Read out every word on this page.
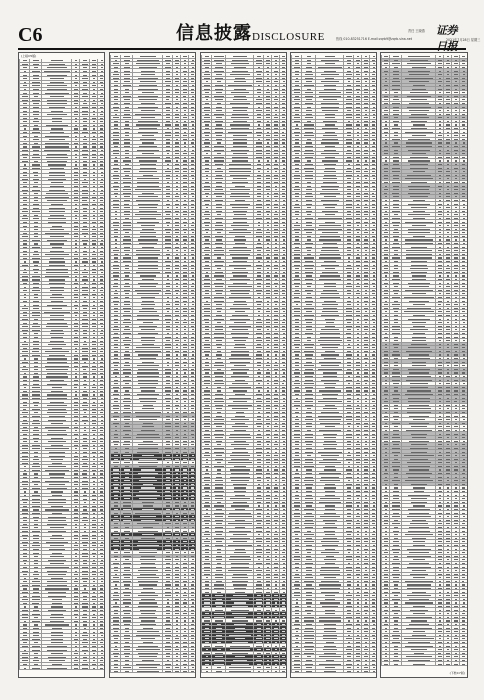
C6	信息披露 DISCLOSURE	热线 010-83251716 E-mail:zqrb9@zqrb.sina.net
责任 王晓燕 证券日报
2021年7月28日 星期三
(上接C5版)
(下转C7版)
